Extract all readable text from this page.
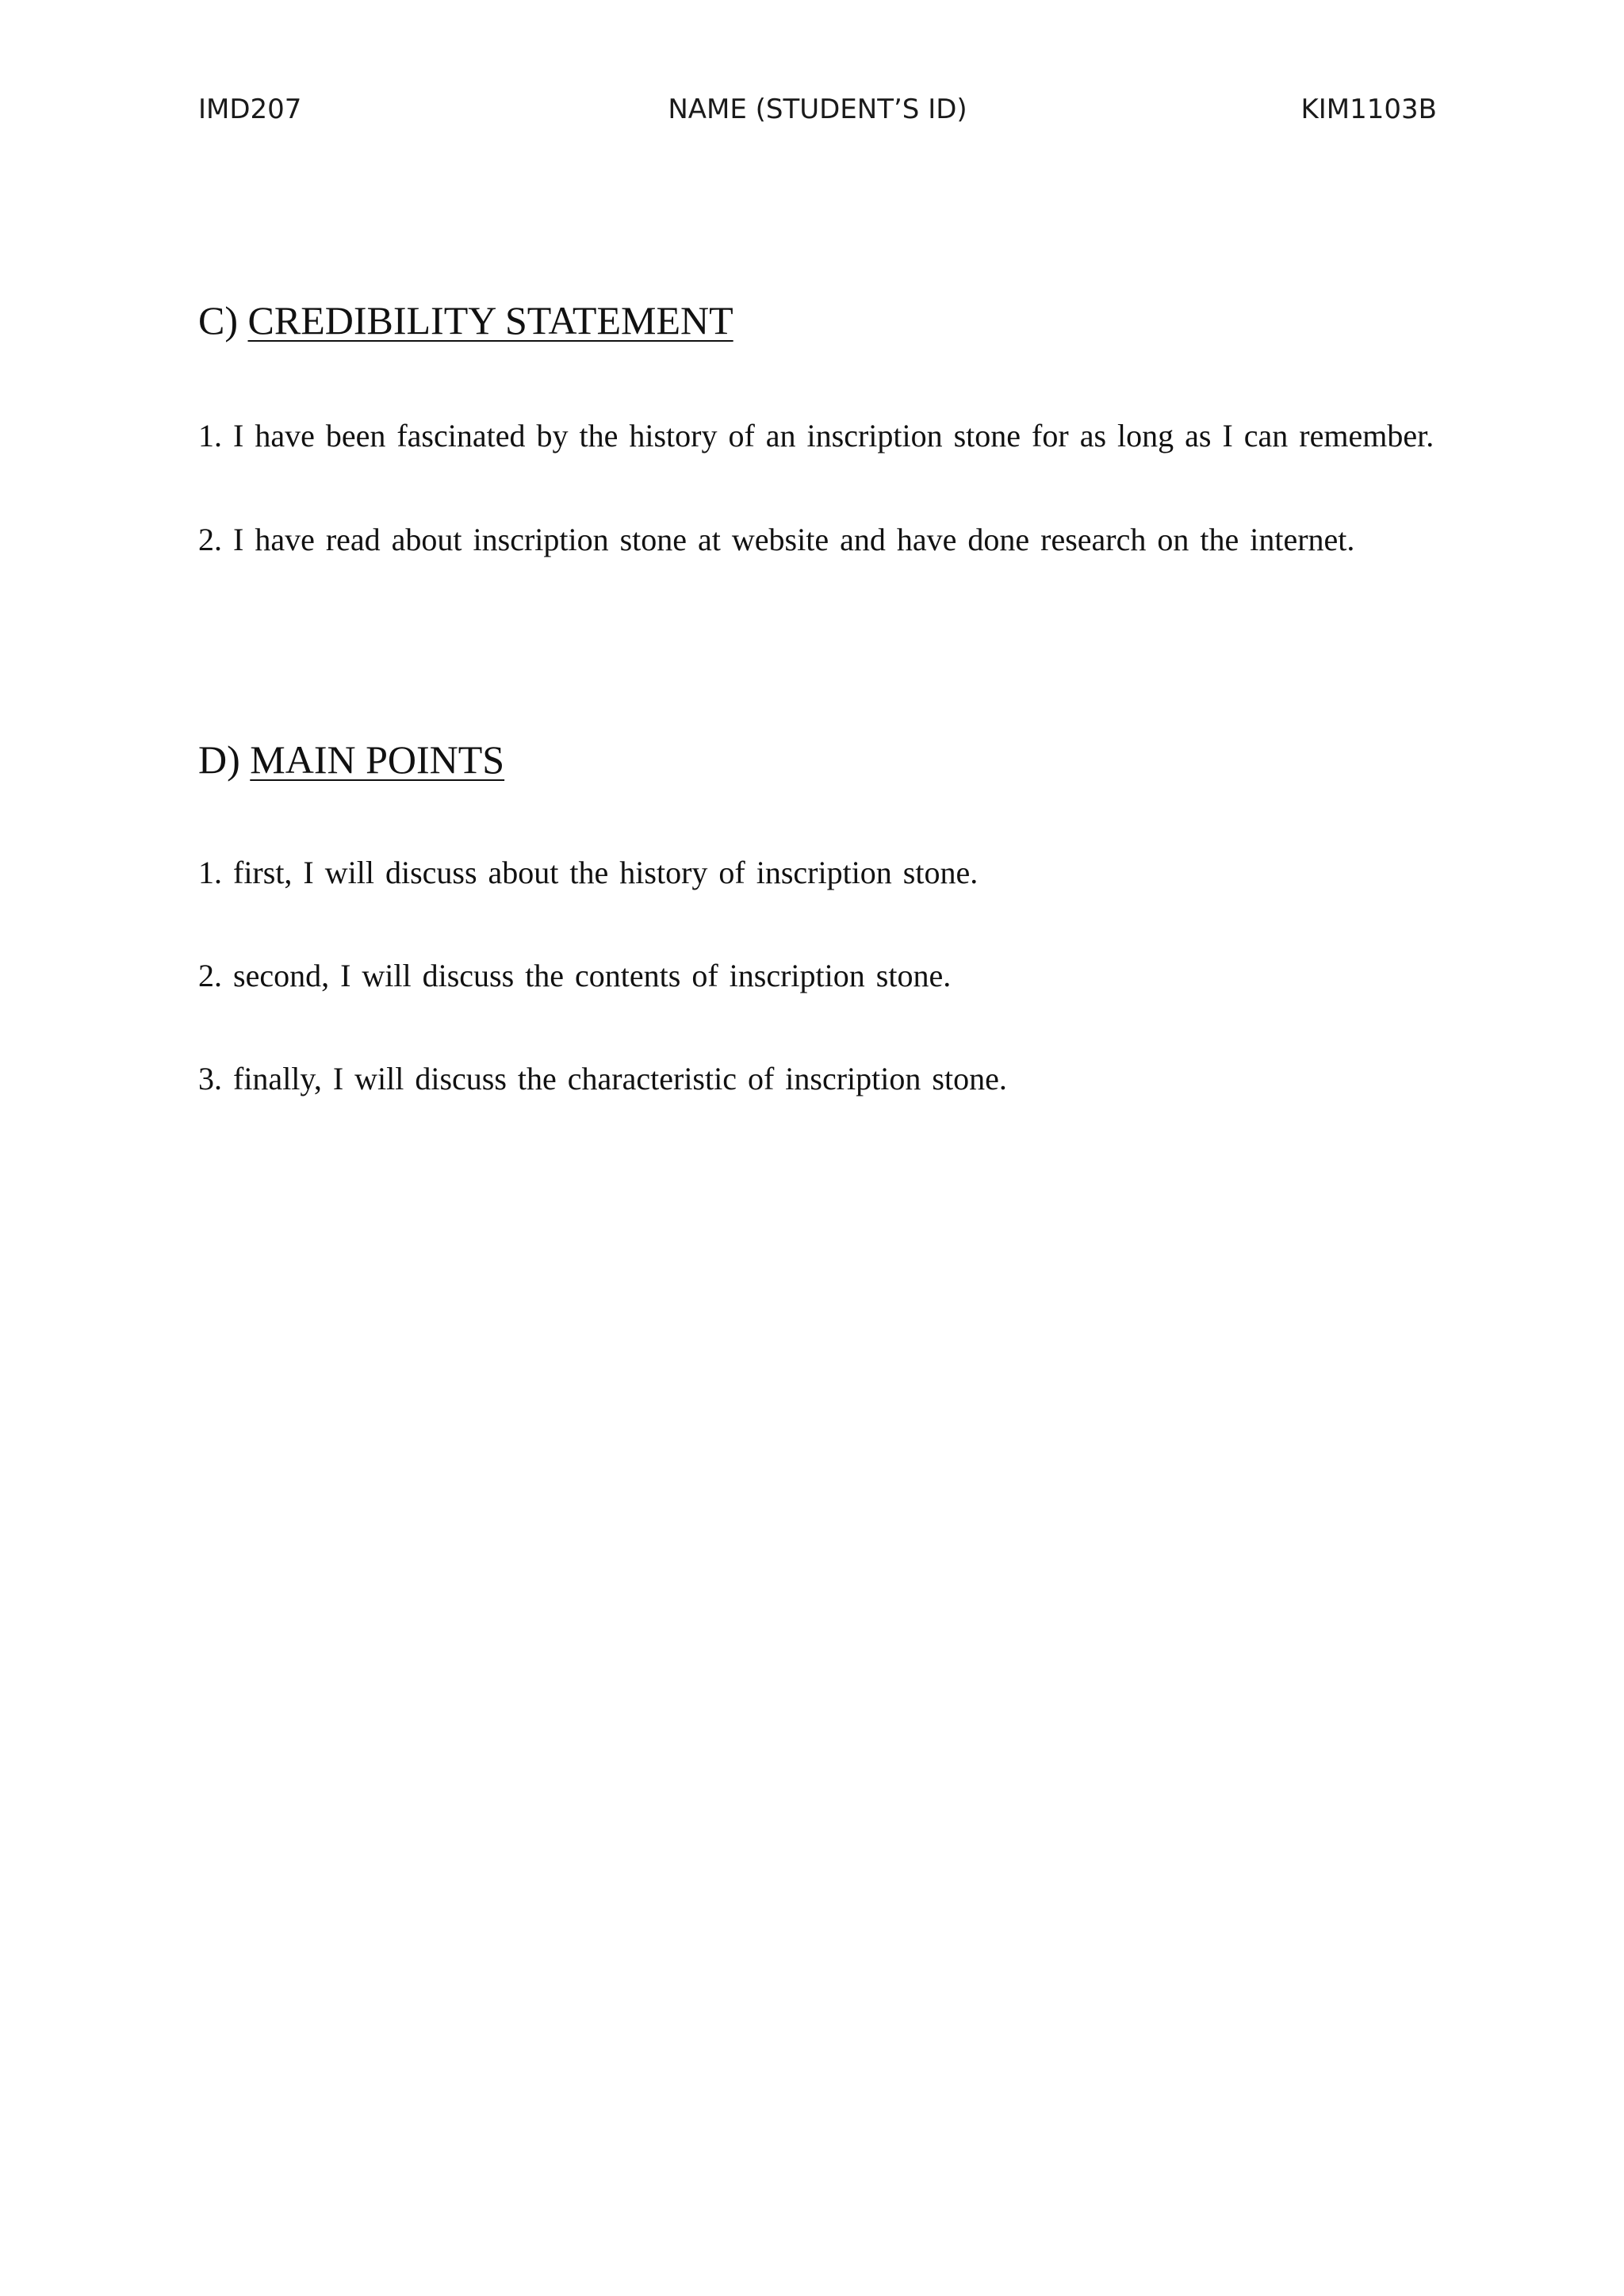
IMD207	NAME (STUDENT’S ID)	KIM1103B
C) CREDIBILITY STATEMENT
1. I have been fascinated by the history of an inscription stone for as long as I can remember.
2. I have read about inscription stone at website and have done research on the internet.
D) MAIN POINTS
1. first, I will discuss about the history of inscription stone.
2. second, I will discuss the contents of inscription stone.
3. finally, I will discuss the characteristic of inscription stone.
